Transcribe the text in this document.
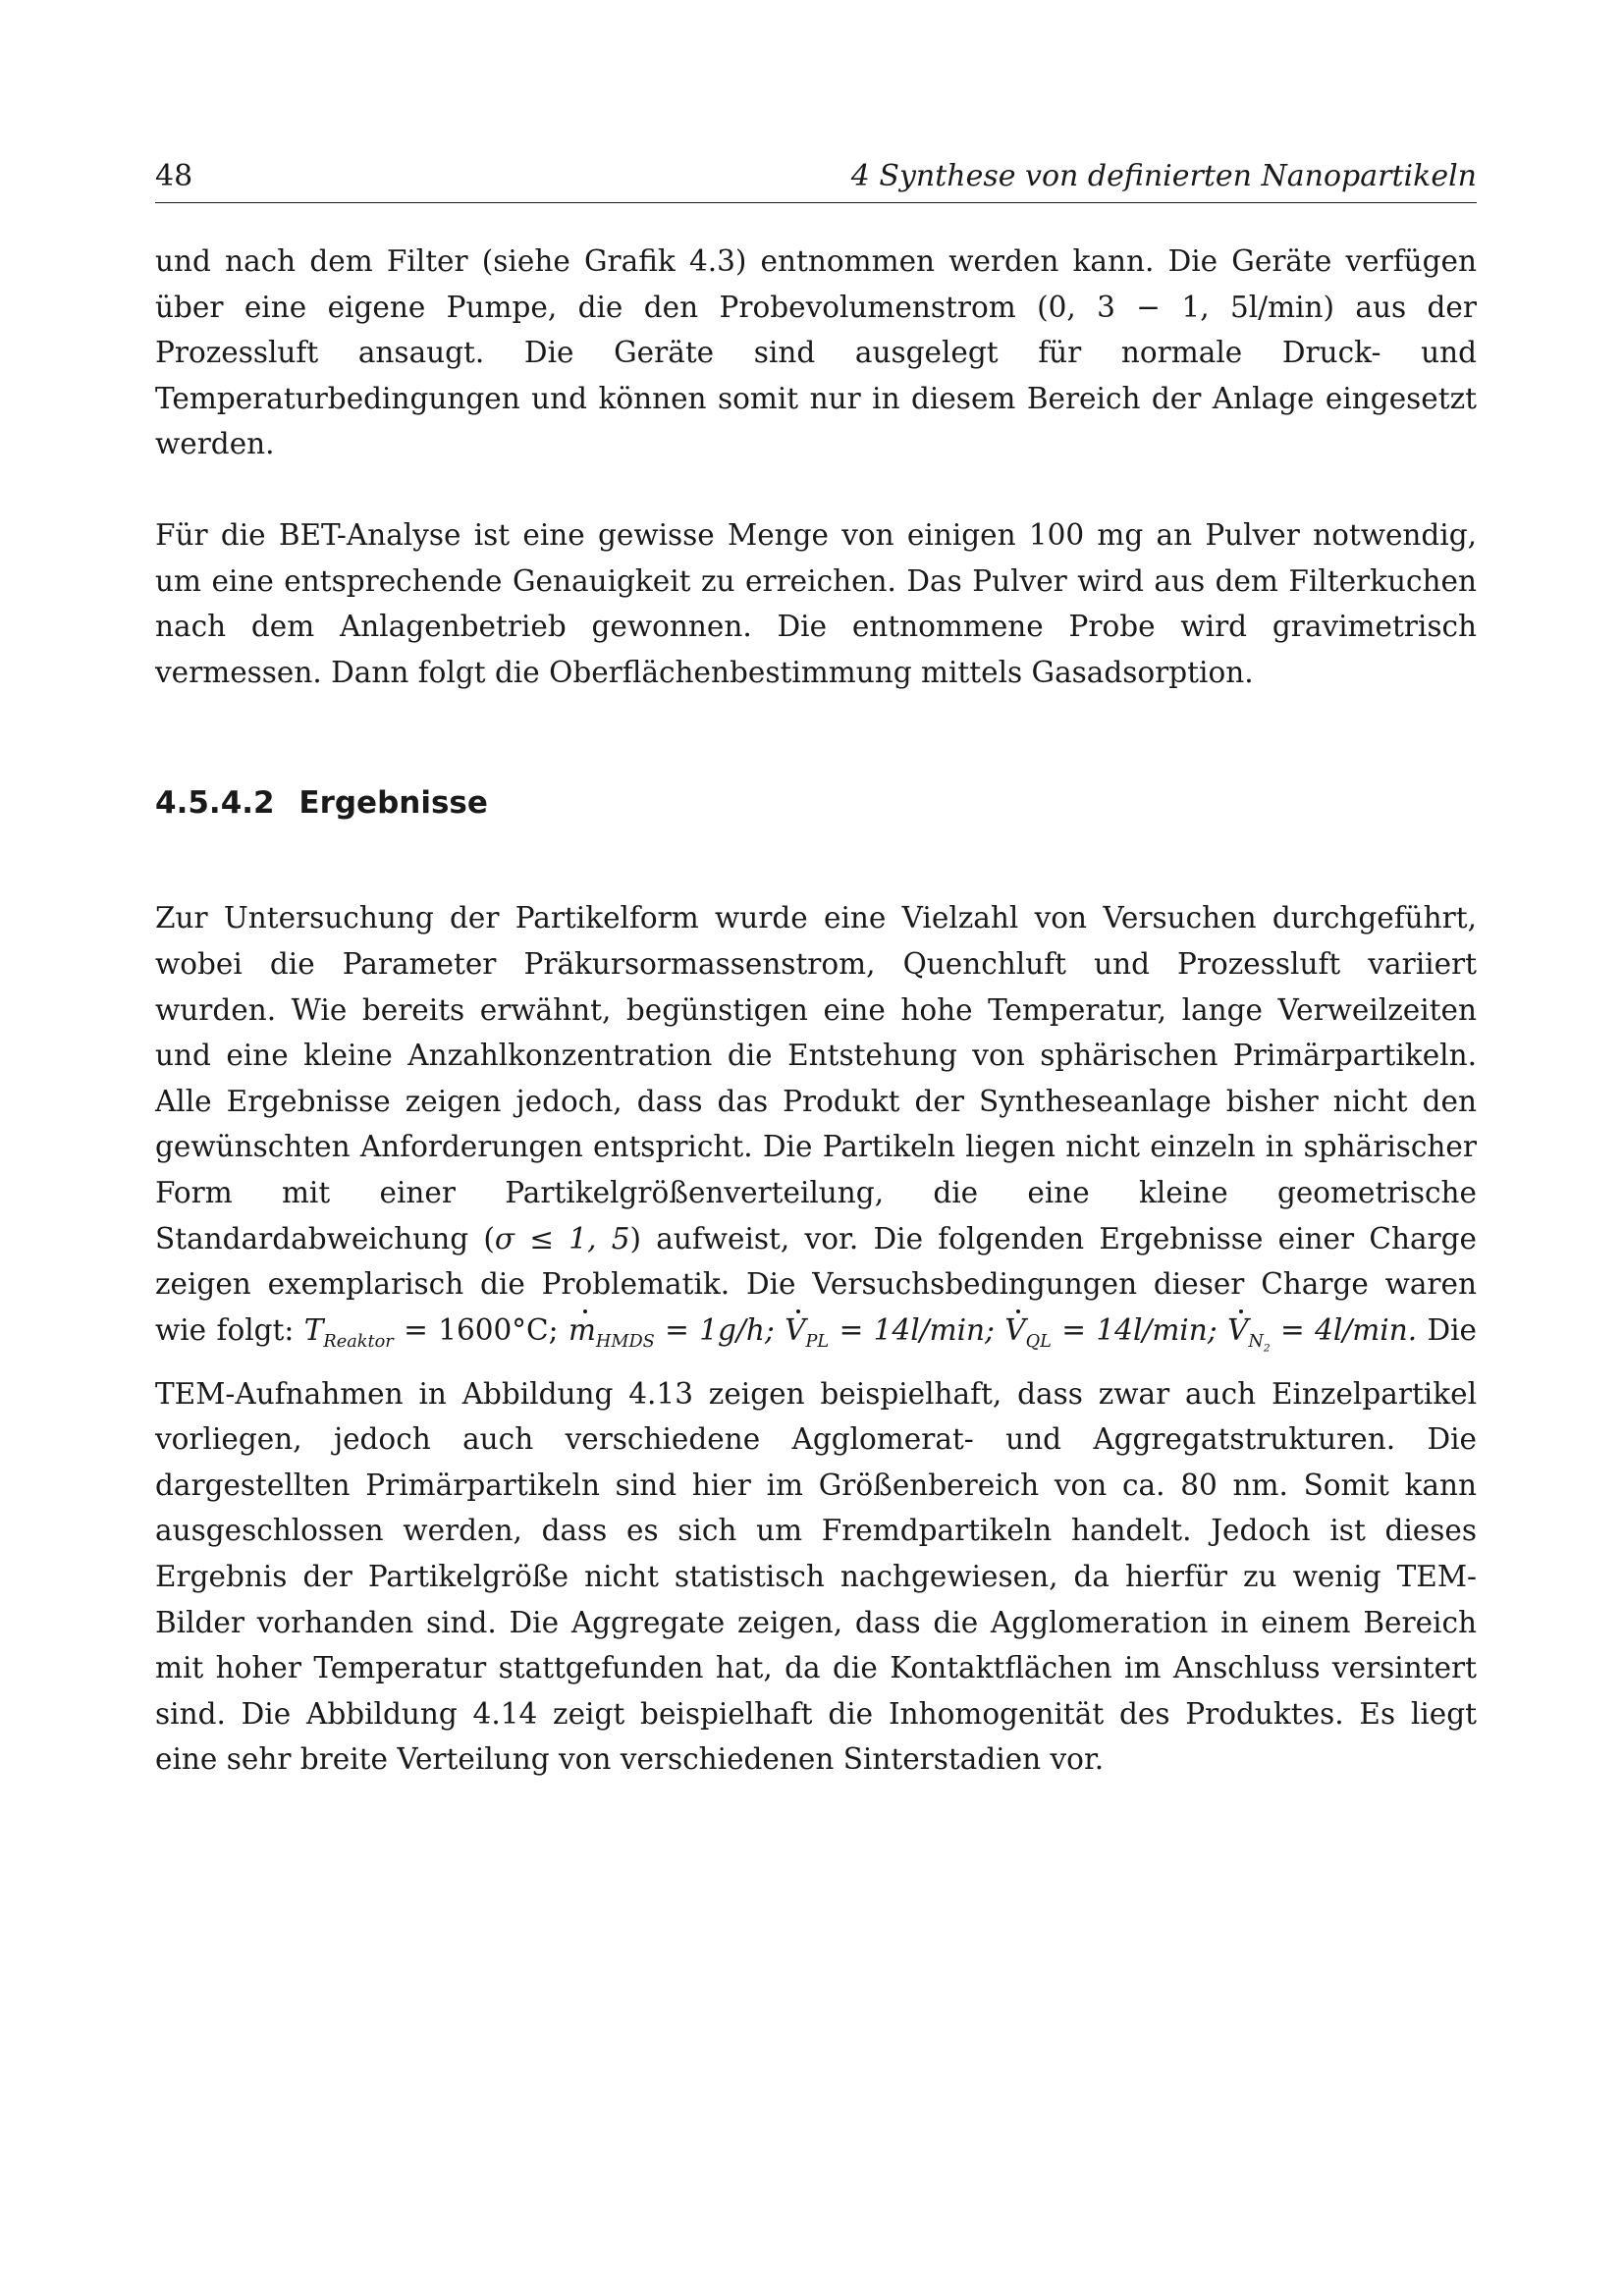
48	4 Synthese von definierten Nanopartikeln

und nach dem Filter (siehe Grafik 4.3) entnommen werden kann. Die Geräte verfügen über eine eigene Pumpe, die den Probevolumenstrom (0, 3 − 1, 5l/min) aus der Prozessluft ansaugt. Die Geräte sind ausgelegt für normale Druck- und Temperaturbedingungen und können somit nur in diesem Bereich der Anlage eingesetzt werden.

Für die BET-Analyse ist eine gewisse Menge von einigen 100 mg an Pulver notwendig, um eine entsprechende Genauigkeit zu erreichen. Das Pulver wird aus dem Filterkuchen nach dem Anlagenbetrieb gewonnen. Die entnommene Probe wird gravimetrisch vermessen. Dann folgt die Oberflächenbestimmung mittels Gasadsorption.

4.5.4.2 Ergebnisse

Zur Untersuchung der Partikelform wurde eine Vielzahl von Versuchen durchgeführt, wobei die Parameter Präkursormassenstrom, Quenchluft und Prozessluft variiert wurden. Wie bereits erwähnt, begünstigen eine hohe Temperatur, lange Verweilzeiten und eine kleine Anzahlkonzentration die Entstehung von sphärischen Primärpartikeln. Alle Ergebnisse zeigen jedoch, dass das Produkt der Syntheseanlage bisher nicht den gewünschten Anforderungen entspricht. Die Partikeln liegen nicht einzeln in sphärischer Form mit einer Partikelgrößenverteilung, die eine kleine geometrische Standardabweichung (σ ≤ 1, 5) aufweist, vor. Die folgenden Ergebnisse einer Charge zeigen exemplarisch die Problematik. Die Versuchsbedingungen dieser Charge waren wie folgt: $T_{Reaktor} = 1600^\circ C$; $m_{HMDS} = 1g/h$; $V_{PL} = 14l/\min$; $V_{QL} = 14l/\min$; $V_{N_2} = 4l/\min$. Die TEM-Aufnahmen in Abbildung 4.13 zeigen beispielhaft, dass zwar auch Einzelpartikel vorliegen, jedoch auch verschiedene Agglomerat- und Aggregatstrukturen. Die dargestellten Primärpartikeln sind hier im Größenbereich von ca. 80 nm. Somit kann ausgeschlossen werden, dass es sich um Fremdpartikeln handelt. Jedoch ist dieses Ergebnis der Partikelgröße nicht statistisch nachgewiesen, da hierfür zu wenig TEM-Bilder vorhanden sind. Die Aggregate zeigen, dass die Agglomeration in einem Bereich mit hoher Temperatur stattgefunden hat, da die Kontaktflächen im Anschluss versintert sind. Die Abbildung 4.14 zeigt beispielhaft die Inhomogenität des Produktes. Es liegt eine sehr breite Verteilung von verschiedenen Sinterstadien vor.
